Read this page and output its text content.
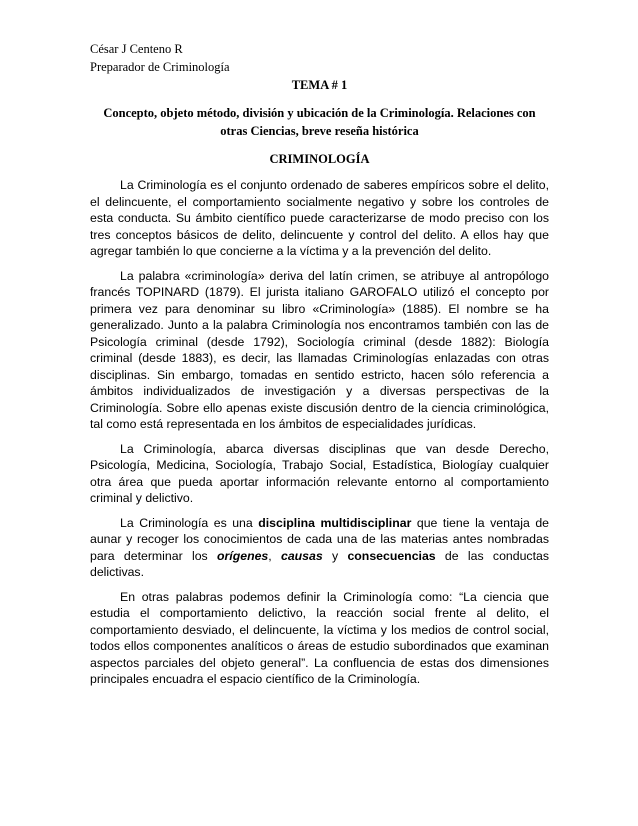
César J Centeno R

Preparador de Criminología

TEMA # 1

Concepto, objeto método, división y ubicación de la Criminología. Relaciones con otras Ciencias, breve reseña histórica

CRIMINOLOGÍA

La Criminología es el conjunto ordenado de saberes empíricos sobre el delito, el delincuente, el comportamiento socialmente negativo y sobre los controles de esta conducta. Su ámbito científico puede caracterizarse de modo preciso con los tres conceptos básicos de delito, delincuente y control del delito. A ellos hay que agregar también lo que concierne a la víctima y a la prevención del delito.

La palabra «criminología» deriva del latín crimen, se atribuye al antropólogo francés TOPINARD (1879). El jurista italiano GAROFALO utilizó el concepto por primera vez para denominar su libro «Criminología» (1885). El nombre se ha generalizado. Junto a la palabra Criminología nos encontramos también con las de Psicología criminal (desde 1792), Sociología criminal (desde 1882): Biología criminal (desde 1883), es decir, las llamadas Criminologías enlazadas con otras disciplinas. Sin embargo, tomadas en sentido estricto, hacen sólo referencia a ámbitos individualizados de investigación y a diversas perspectivas de la Criminología. Sobre ello apenas existe discusión dentro de la ciencia criminológica, tal como está representada en los ámbitos de especialidades jurídicas.

La Criminología, abarca diversas disciplinas que van desde Derecho, Psicología, Medicina, Sociología, Trabajo Social, Estadística, Biologíay cualquier otra área que pueda aportar información relevante entorno al comportamiento criminal y delictivo.

La Criminología es una disciplina multidisciplinar que tiene la ventaja de aunar y recoger los conocimientos de cada una de las materias antes nombradas para determinar los orígenes, causas y consecuencias de las conductas delictivas.

En otras palabras podemos definir la Criminología como: “La ciencia que estudia el comportamiento delictivo, la reacción social frente al delito, el comportamiento desviado, el delincuente, la víctima y los medios de control social, todos ellos componentes analíticos o áreas de estudio subordinados que examinan aspectos parciales del objeto general”. La confluencia de estas dos dimensiones principales encuadra el espacio científico de la Criminología.
